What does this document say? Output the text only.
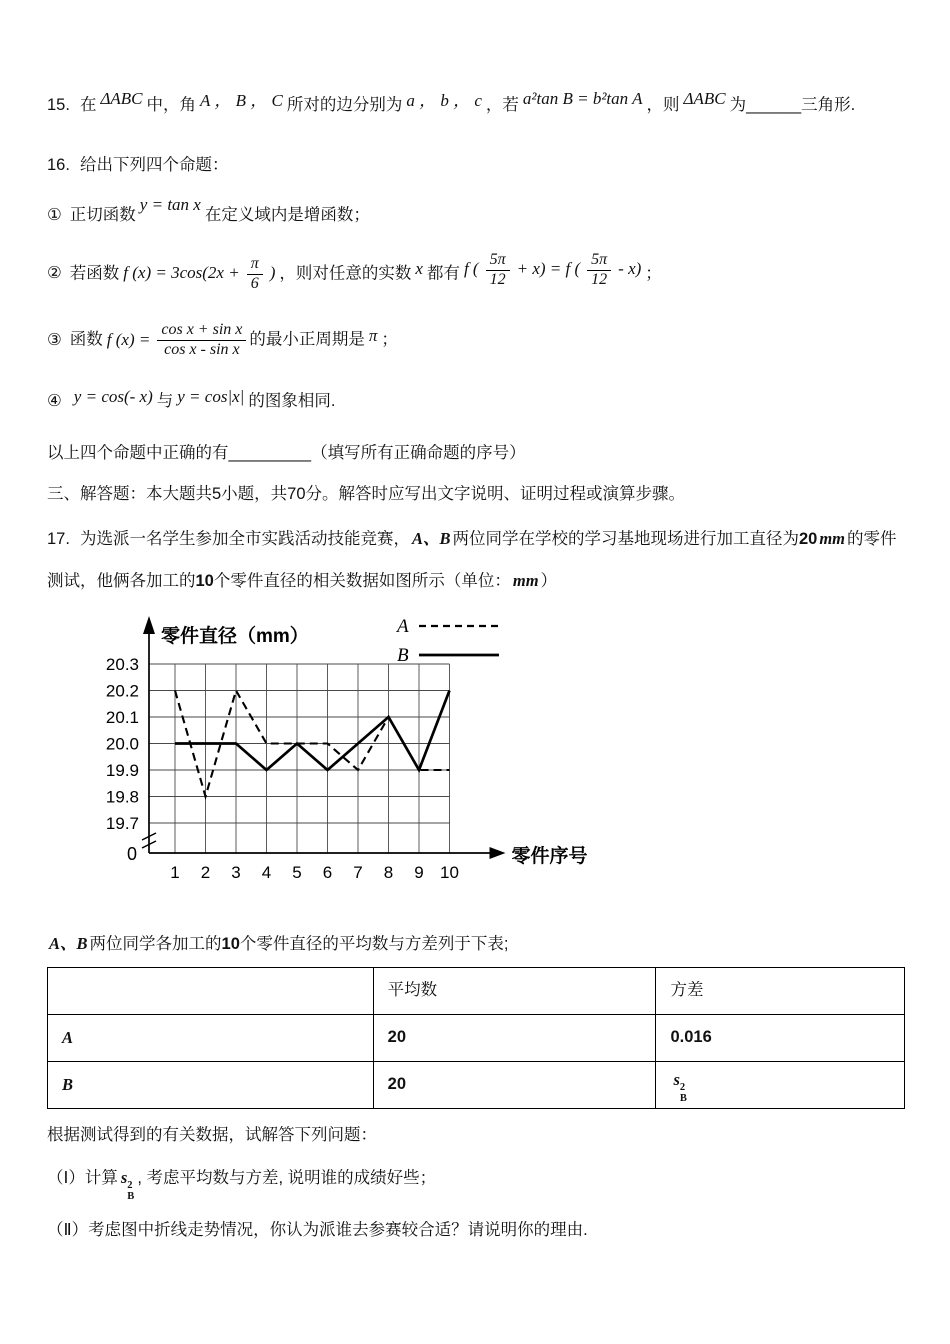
15. 在 ΔABC 中，角 A ， B ， C 所对的边分别为 a ， b ， c ，若 a²tan B = b²tan A ，则 ΔABC 为______三角形.

16. 给出下列四个命题：

① 正切函数y = tan x在定义域内是增函数；

② 若函数 f $(x) = 3\cos(2x + \frac{\pi}{6}$ ) ，则对任意的实数 x 都有 f ( $\frac{5\pi}{12} + x) = f$ ( $\frac{5\pi}{12} - x$) ；

③ 函数 f $(x) = \frac{\text{cos x + sin x}}{\text{cos x - sin x}}$ 的最小正周期是 π ；

④ y = cos(- x) 与 y = cos|x| 的图象相同.

以上四个命题中正确的有_________（填写所有正确命题的序号）

三、解答题：本大题共5小题，共70分。解答时应写出文字说明、证明过程或演算步骤。

17. 为选派一名学生参加全市实践活动技能竞赛， A、B 两位同学在学校的学习基地现场进行加工直径为20 mm 的零件测试，他俩各加工的10个零件直径的相关数据如图所示（单位： mm ）

20.3
20.2
20.1
20.0
19.9
19.8
19.7
0
1 2 3 4 5 6 7 8 9 10
零件序号
零件直径（mm）	A
B

A、B 两位同学各加工的10个零件直径的平均数与方差列于下表;

	平均数	方差
A	20	0.016
B	20	s 2
B

根据测试得到的有关数据，试解答下列问题：

（Ⅰ）计算 s 2
B
, 考虑平均数与方差, 说明谁的成绩好些；

（Ⅱ）考虑图中折线走势情况，你认为派谁去参赛较合适？请说明你的理由.
